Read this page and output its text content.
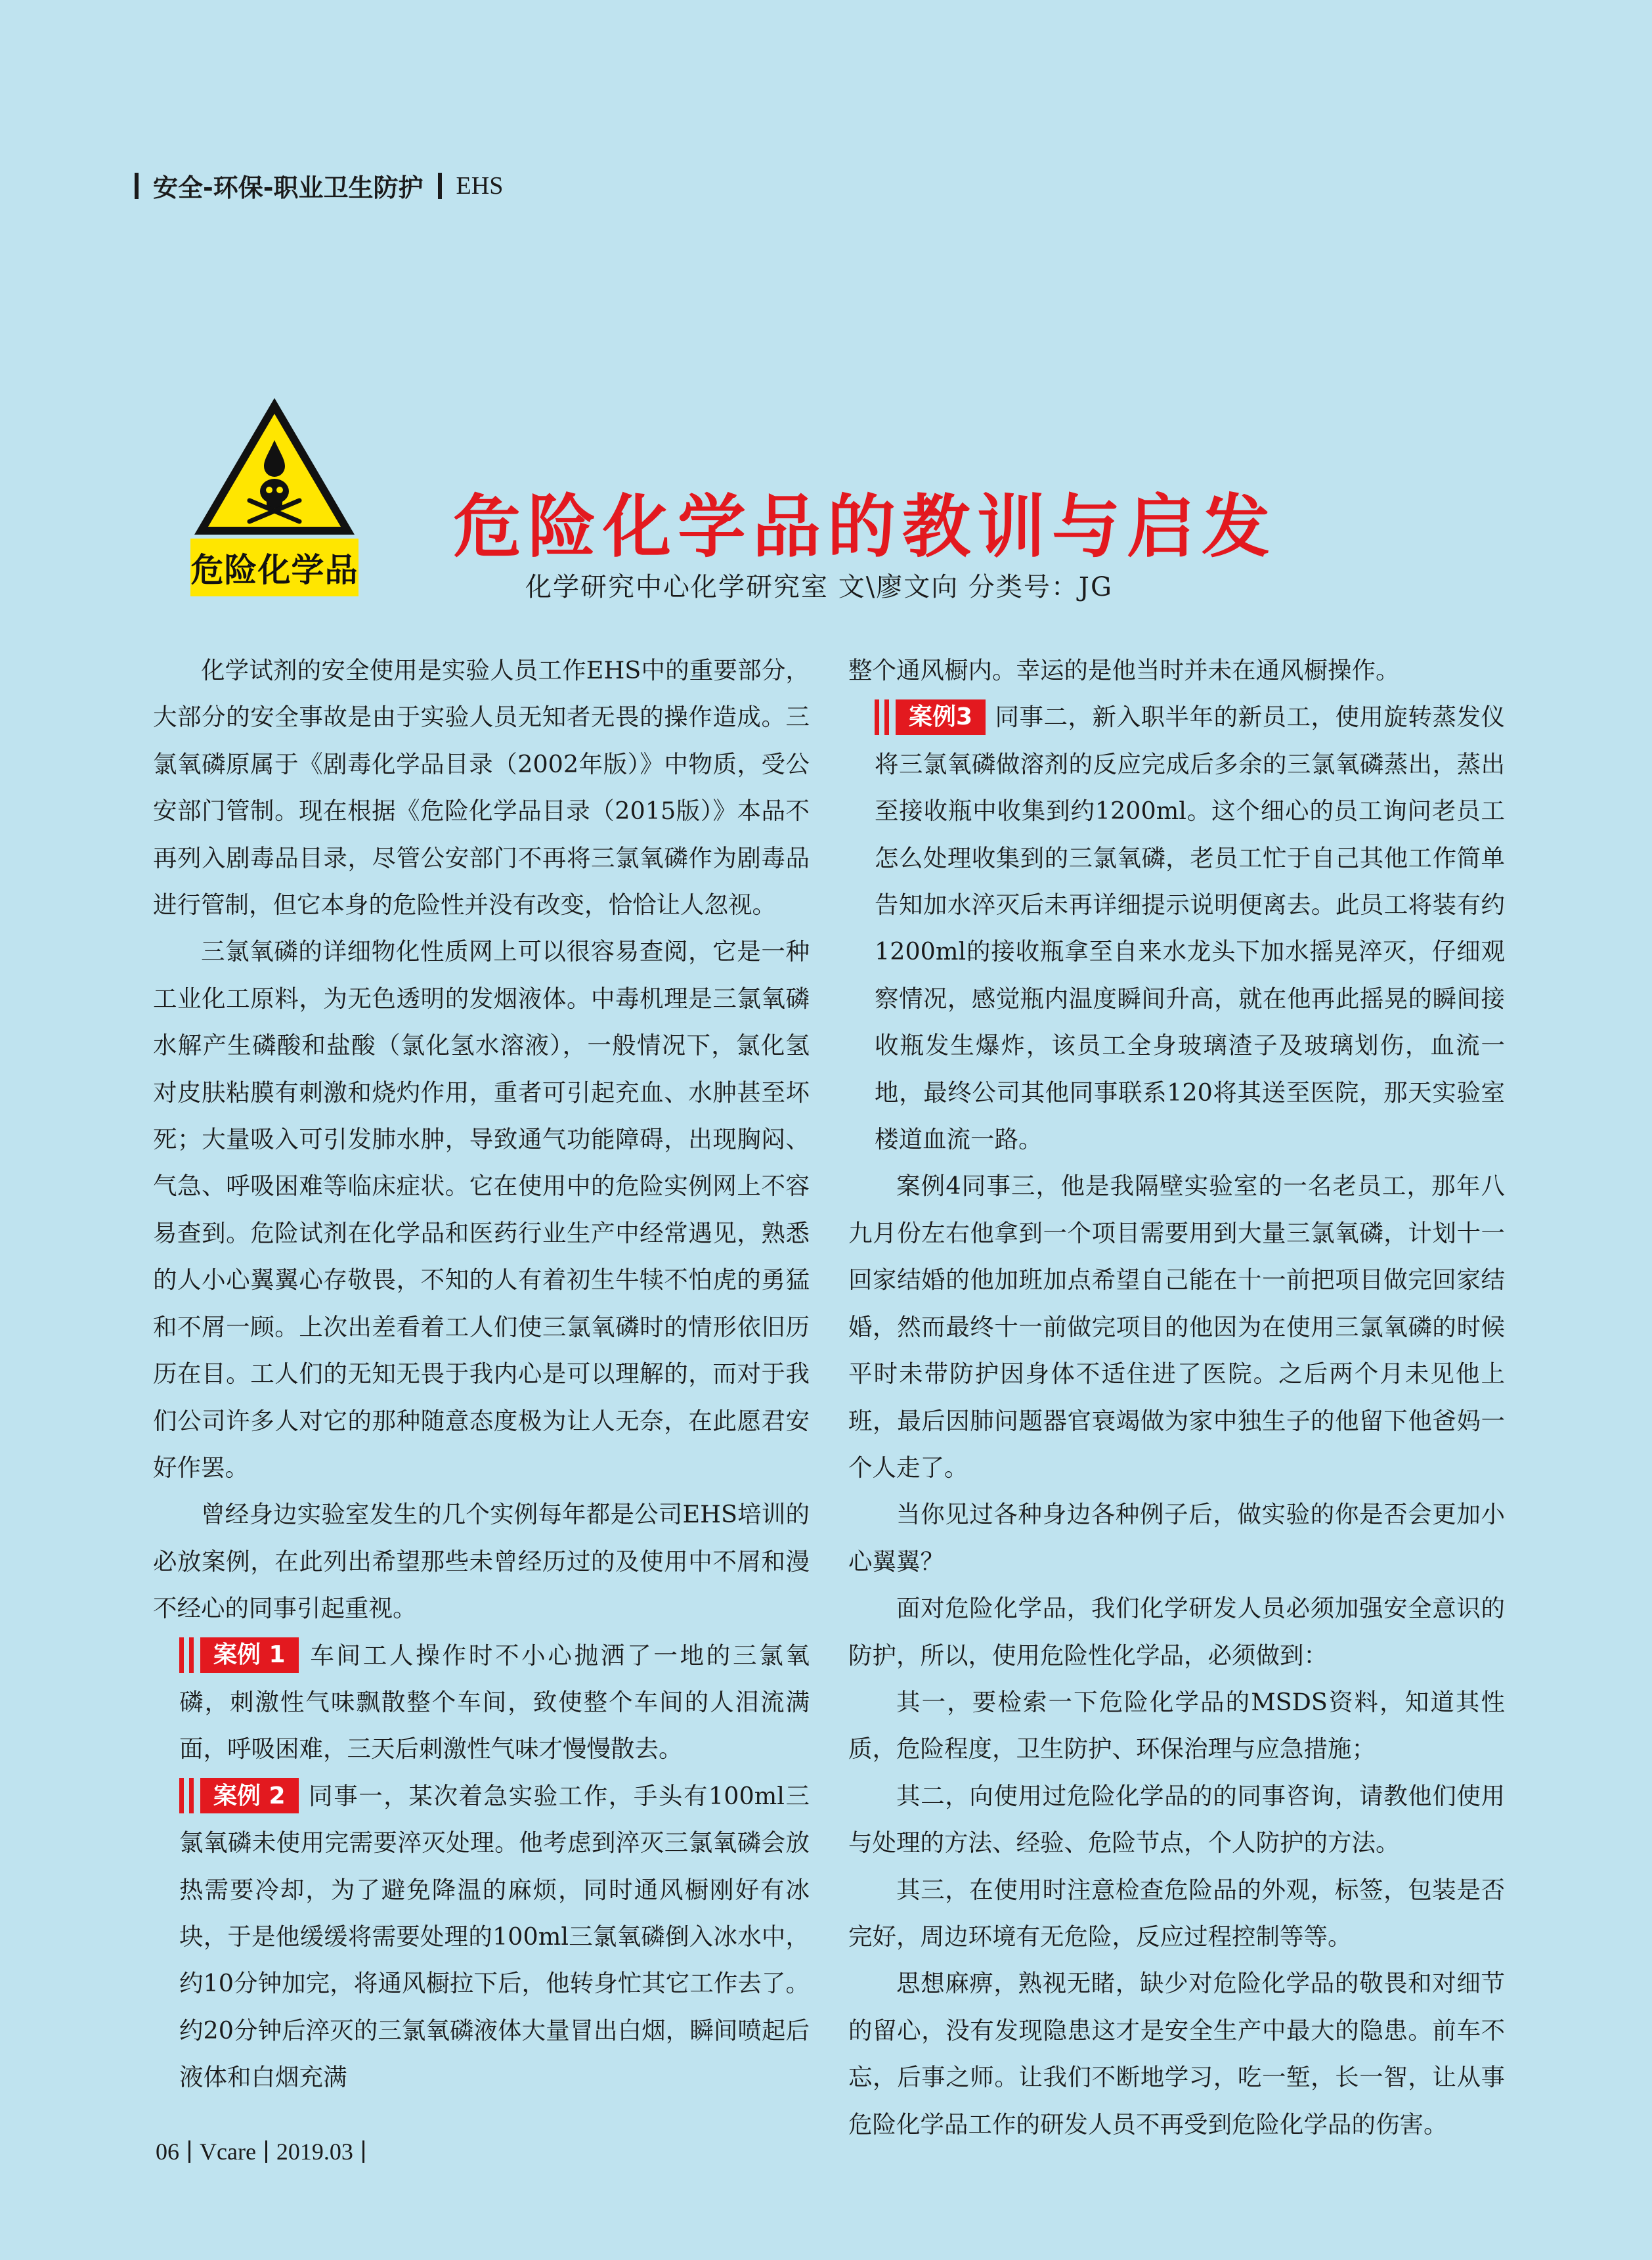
安全-环保-职业卫生防护 EHS
危险化学品
危险化学品的教训与启发
化学研究中心化学研究室 文\廖文向 分类号：JG

化学试剂的安全使用是实验人员工作EHS中的重要部分，大部分的安全事故是由于实验人员无知者无畏的操作造成。三氯氧磷原属于《剧毒化学品目录（2002年版）》中物质，受公安部门管制。现在根据《危险化学品目录（2015版）》本品不再列入剧毒品目录，尽管公安部门不再将三氯氧磷作为剧毒品进行管制，但它本身的危险性并没有改变，恰恰让人忽视。

三氯氧磷的详细物化性质网上可以很容易查阅，它是一种工业化工原料，为无色透明的发烟液体。中毒机理是三氯氧磷水解产生磷酸和盐酸（氯化氢水溶液），一般情况下，氯化氢对皮肤粘膜有刺激和烧灼作用，重者可引起充血、水肿甚至坏死；大量吸入可引发肺水肿，导致通气功能障碍，出现胸闷、气急、呼吸困难等临床症状。它在使用中的危险实例网上不容易查到。危险试剂在化学品和医药行业生产中经常遇见，熟悉的人小心翼翼心存敬畏，不知的人有着初生牛犊不怕虎的勇猛和不屑一顾。上次出差看着工人们使三氯氧磷时的情形依旧历历在目。工人们的无知无畏于我内心是可以理解的，而对于我们公司许多人对它的那种随意态度极为让人无奈，在此愿君安好作罢。

曾经身边实验室发生的几个实例每年都是公司EHS培训的必放案例，在此列出希望那些未曾经历过的及使用中不屑和漫不经心的同事引起重视。

案例 1 车间工人操作时不小心抛洒了一地的三氯氧磷，刺激性气味飘散整个车间，致使整个车间的人泪流满面，呼吸困难，三天后刺激性气味才慢慢散去。

案例 2 同事一，某次着急实验工作，手头有100ml三氯氧磷未使用完需要淬灭处理。他考虑到淬灭三氯氧磷会放热需要冷却，为了避免降温的麻烦，同时通风橱刚好有冰块，于是他缓缓将需要处理的100ml三氯氧磷倒入冰水中，约10分钟加完，将通风橱拉下后，他转身忙其它工作去了。约20分钟后淬灭的三氯氧磷液体大量冒出白烟，瞬间喷起后液体和白烟充满

整个通风橱内。幸运的是他当时并未在通风橱操作。

案例3 同事二，新入职半年的新员工，使用旋转蒸发仪将三氯氧磷做溶剂的反应完成后多余的三氯氧磷蒸出，蒸出至接收瓶中收集到约1200ml。这个细心的员工询问老员工怎么处理收集到的三氯氧磷，老员工忙于自己其他工作简单告知加水淬灭后未再详细提示说明便离去。此员工将装有约1200ml的接收瓶拿至自来水龙头下加水摇晃淬灭，仔细观察情况，感觉瓶内温度瞬间升高，就在他再此摇晃的瞬间接收瓶发生爆炸，该员工全身玻璃渣子及玻璃划伤，血流一地，最终公司其他同事联系120将其送至医院，那天实验室楼道血流一路。

案例4同事三，他是我隔壁实验室的一名老员工，那年八九月份左右他拿到一个项目需要用到大量三氯氧磷，计划十一回家结婚的他加班加点希望自己能在十一前把项目做完回家结婚，然而最终十一前做完项目的他因为在使用三氯氧磷的时候平时未带防护因身体不适住进了医院。之后两个月未见他上班，最后因肺问题器官衰竭做为家中独生子的他留下他爸妈一个人走了。

当你见过各种身边各种例子后，做实验的你是否会更加小心翼翼？

面对危险化学品，我们化学研发人员必须加强安全意识的防护，所以，使用危险性化学品，必须做到：

其一，要检索一下危险化学品的MSDS资料，知道其性质，危险程度，卫生防护、环保治理与应急措施；

其二，向使用过危险化学品的的同事咨询，请教他们使用与处理的方法、经验、危险节点，个人防护的方法。

其三，在使用时注意检查危险品的外观，标签，包装是否完好，周边环境有无危险，反应过程控制等等。

思想麻痹，熟视无睹，缺少对危险化学品的敬畏和对细节的留心，没有发现隐患这才是安全生产中最大的隐患。前车不忘，后事之师。让我们不断地学习，吃一堑，长一智，让从事危险化学品工作的研发人员不再受到危险化学品的伤害。

06 Vcare 2019.03
